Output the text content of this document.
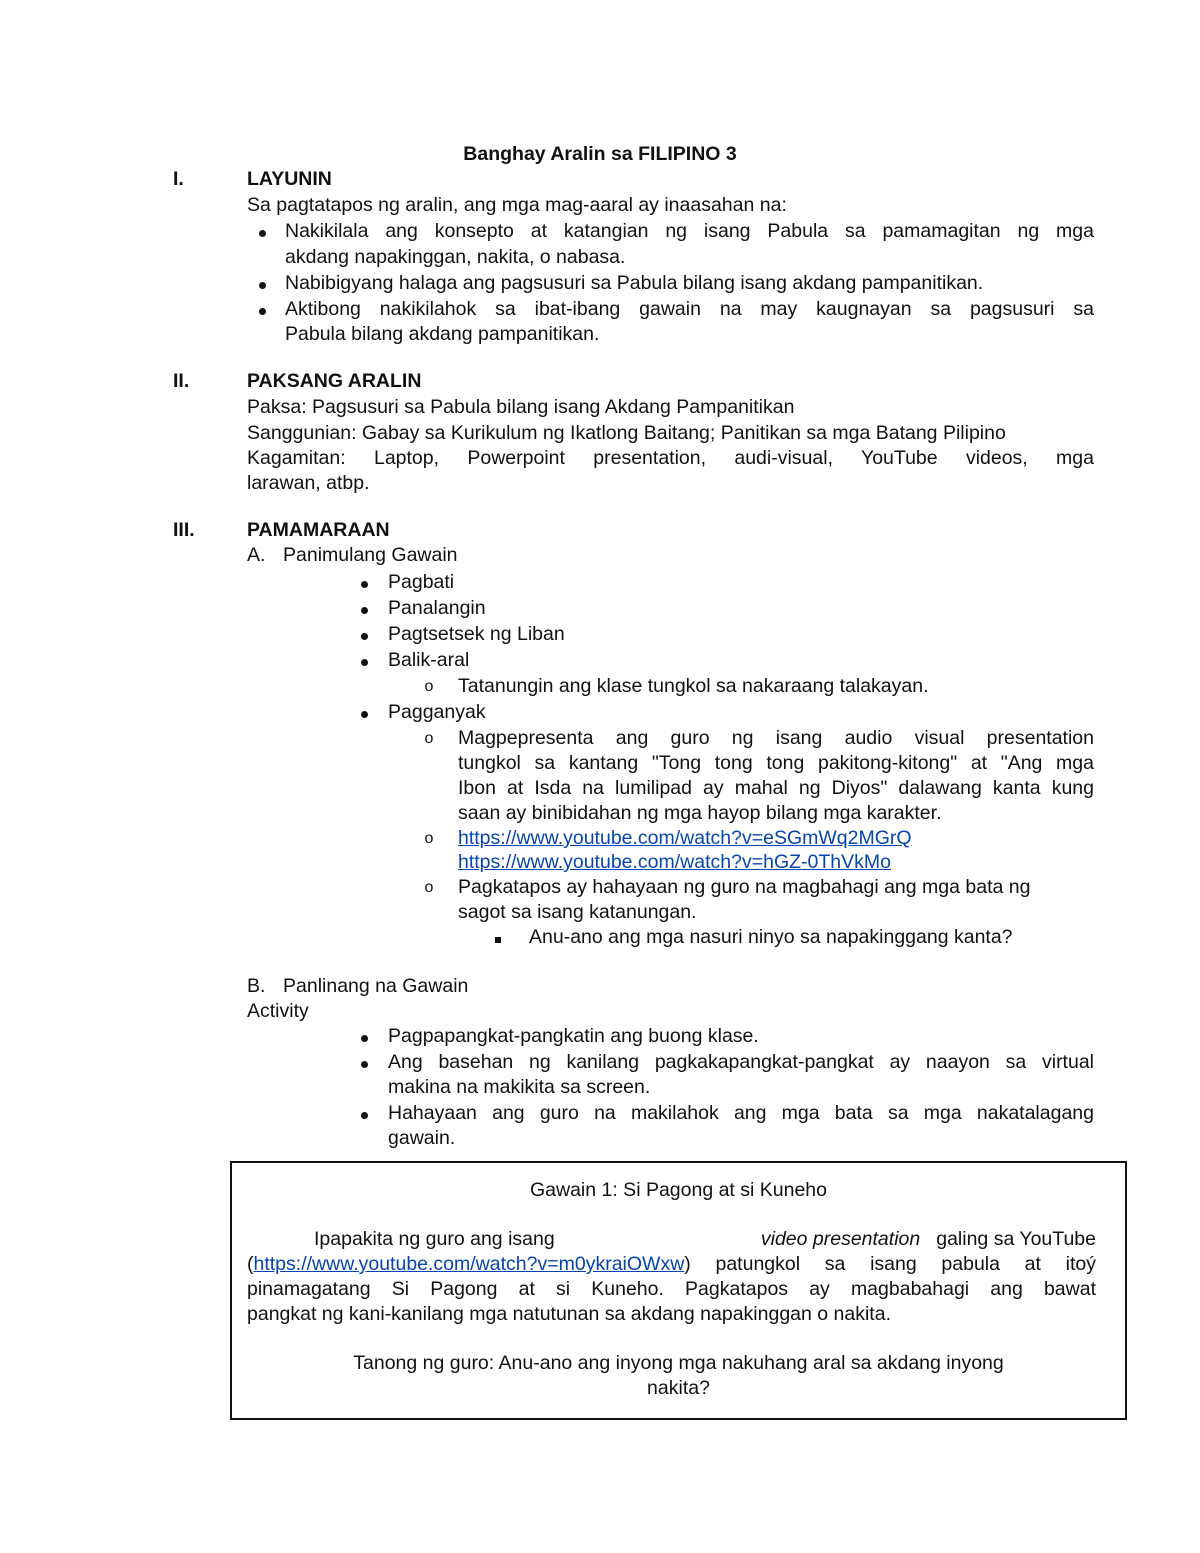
Banghay Aralin sa FILIPINO 3
I.	LAYUNIN
Sa pagtatapos ng aralin, ang mga mag-aaral ay inaasahan na:
Nakikilala ang konsepto at katangian ng isang Pabula sa pamamagitan ng mga
akdang napakinggan, nakita, o nabasa.
Nabibigyang halaga ang pagsusuri sa Pabula bilang isang akdang pampanitikan.
Aktibong nakikilahok sa ibat-ibang gawain na may kaugnayan sa pagsusuri sa
Pabula bilang akdang pampanitikan.
II.	PAKSANG ARALIN
Paksa: Pagsusuri sa Pabula bilang isang Akdang Pampanitikan
Sanggunian: Gabay sa Kurikulum ng Ikatlong Baitang; Panitikan sa mga Batang Pilipino
Kagamitan: Laptop, Powerpoint presentation, audi-visual, YouTube videos, mga
larawan, atbp.
III.	PAMAMARAAN
A. Panimulang Gawain
Pagbati
Panalangin
Pagtsetsek ng Liban
Balik-aral
o Tatanungin ang klase tungkol sa nakaraang talakayan.
Pagganyak
o Magpepresenta ang guro ng isang audio visual presentation
tungkol sa kantang "Tong tong tong pakitong-kitong" at "Ang mga
Ibon at Isda na lumilipad ay mahal ng Diyos" dalawang kanta kung
saan ay binibidahan ng mga hayop bilang mga karakter.
o https://www.youtube.com/watch?v=eSGmWq2MGrQ
https://www.youtube.com/watch?v=hGZ-0ThVkMo
o Pagkatapos ay hahayaan ng guro na magbahagi ang mga bata ng
sagot sa isang katanungan.
Anu-ano ang mga nasuri ninyo sa napakinggang kanta?
B. Panlinang na Gawain
Activity
Pagpapangkat-pangkatin ang buong klase.
Ang basehan ng kanilang pagkakapangkat-pangkat ay naayon sa virtual
makina na makikita sa screen.
Hahayaan ang guro na makilahok ang mga bata sa mga nakatalagang
gawain.
Gawain 1: Si Pagong at si Kuneho
Ipapakita ng guro ang isang	video presentation galing sa YouTube
( https://www.youtube.com/watch?v=m0ykraiOWxw ) patungkol sa isang pabula at itoý
pinamagatang Si Pagong at si Kuneho. Pagkatapos ay magbabahagi ang bawat
pangkat ng kani-kanilang mga natutunan sa akdang napakinggan o nakita.
Tanong ng guro: Anu-ano ang inyong mga nakuhang aral sa akdang inyong
nakita?
